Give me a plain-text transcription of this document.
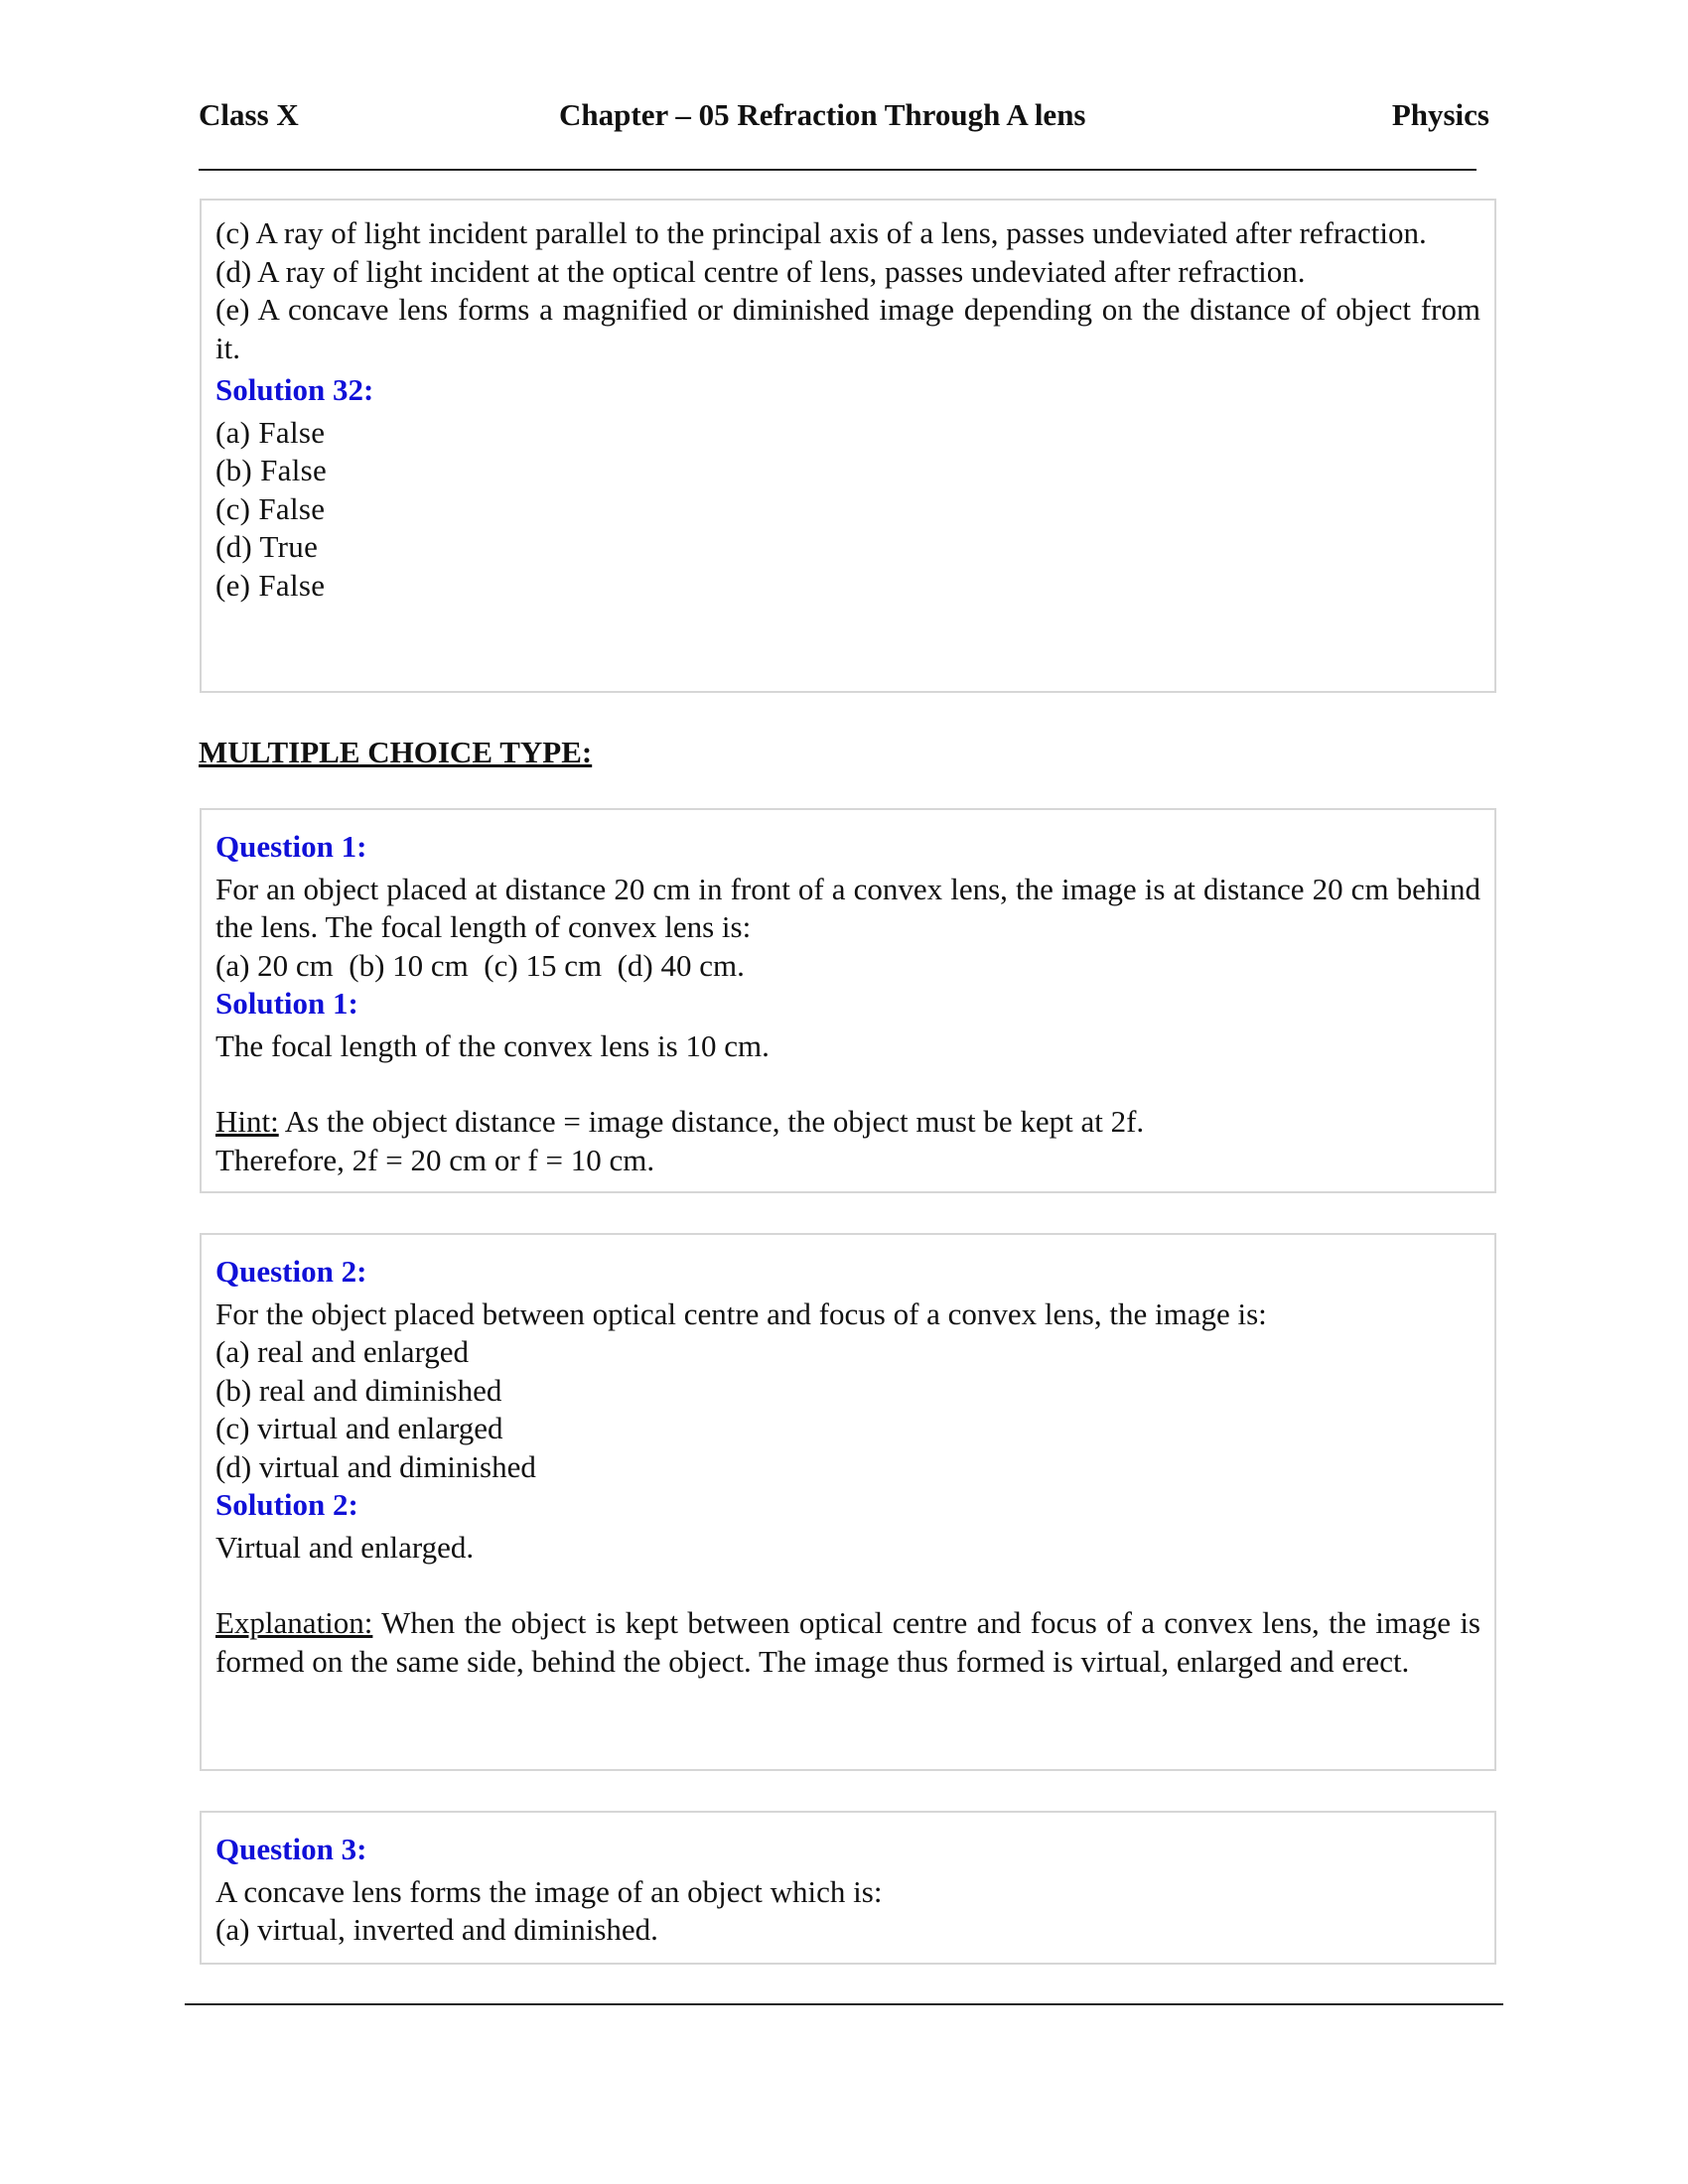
Class X	Chapter – 05 Refraction Through A lens	Physics

(c) A ray of light incident parallel to the principal axis of a lens, passes undeviated after refraction.

(d) A ray of light incident at the optical centre of lens, passes undeviated after refraction.

(e) A concave lens forms a magnified or diminished image depending on the distance of object from it.

Solution 32:

(a) False

(b) False

(c) False

(d) True

(e) False

MULTIPLE CHOICE TYPE:

Question 1:

For an object placed at distance 20 cm in front of a convex lens, the image is at distance 20 cm behind the lens. The focal length of convex lens is:

(a) 20 cm  (b) 10 cm  (c) 15 cm  (d) 40 cm.

Solution 1:

The focal length of the convex lens is 10 cm.

Hint: As the object distance = image distance, the object must be kept at 2f.

Therefore, 2f = 20 cm or f = 10 cm.

Question 2:

For the object placed between optical centre and focus of a convex lens, the image is:

(a) real and enlarged

(b) real and diminished

(c) virtual and enlarged

(d) virtual and diminished

Solution 2:

Virtual and enlarged.

Explanation: When the object is kept between optical centre and focus of a convex lens, the image is formed on the same side, behind the object. The image thus formed is virtual, enlarged and erect.

Question 3:

A concave lens forms the image of an object which is:

(a) virtual, inverted and diminished.
